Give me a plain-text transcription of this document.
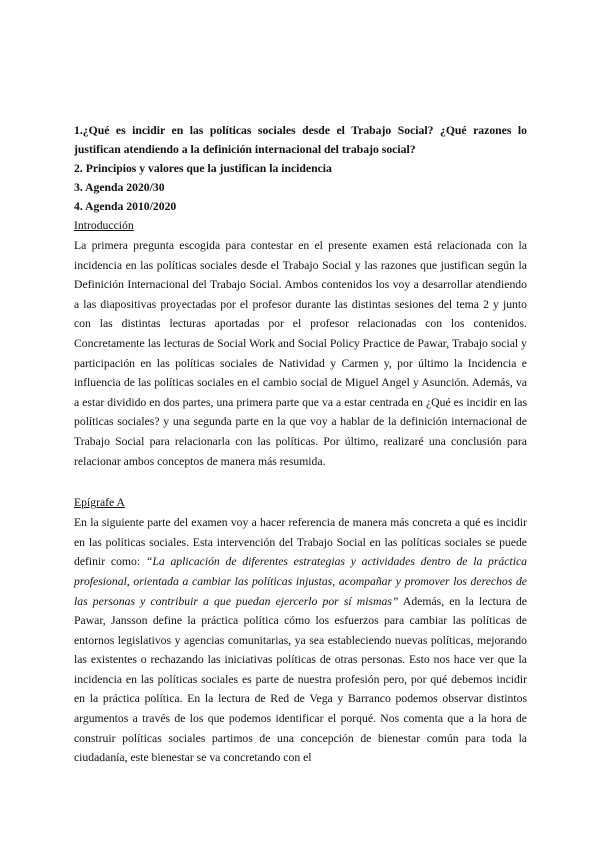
1.¿Qué es incidir en las políticas sociales desde el Trabajo Social? ¿Qué razones lo justifican atendiendo a la definición internacional del trabajo social?

2. Principios y valores que la justifican la incidencia

3. Agenda 2020/30

4. Agenda 2010/2020

Introducción

La primera pregunta escogida para contestar en el presente examen está relacionada con la incidencia en las políticas sociales desde el Trabajo Social y las razones que justifican según la Definición Internacional del Trabajo Social. Ambos contenidos los voy a desarrollar atendiendo a las diapositivas proyectadas por el profesor durante las distintas sesiones del tema 2 y junto con las distintas lecturas aportadas por el profesor relacionadas con los contenidos. Concretamente las lecturas de Social Work and Social Policy Practice de Pawar, Trabajo social y participación en las políticas sociales de Natividad y Carmen y, por último la Incidencia e influencia de las políticas sociales en el cambio social de Miguel Angel y Asunción. Además, va a estar dividido en dos partes, una primera parte que va a estar centrada en ¿Qué es incidir en las políticas sociales? y una segunda parte en la que voy a hablar de la definición internacional de Trabajo Social para relacionarla con las políticas. Por último, realizaré una conclusión para relacionar ambos conceptos de manera más resumida.

Epígrafe A

En la siguiente parte del examen voy a hacer referencia de manera más concreta a qué es incidir en las políticas sociales. Esta intervención del Trabajo Social en las políticas sociales se puede definir como: “La aplicación de diferentes estrategias y actividades dentro de la práctica profesional, orientada a cambiar las políticas injustas, acompañar y promover los derechos de las personas y contribuir a que puedan ejercerlo por sí mismas” Además, en la lectura de Pawar, Jansson define la práctica política cómo los esfuerzos para cambiar las políticas de entornos legislativos y agencias comunitarias, ya sea estableciendo nuevas políticas, mejorando las existentes o rechazando las iniciativas políticas de otras personas. Esto nos hace ver que la incidencia en las políticas sociales es parte de nuestra profesión pero, por qué debemos incidir en la práctica política. En la lectura de Red de Vega y Barranco podemos observar distintos argumentos a través de los que podemos identificar el porqué. Nos comenta que a la hora de construir políticas sociales partimos de una concepción de bienestar común para toda la ciudadanía, este bienestar se va concretando con el
